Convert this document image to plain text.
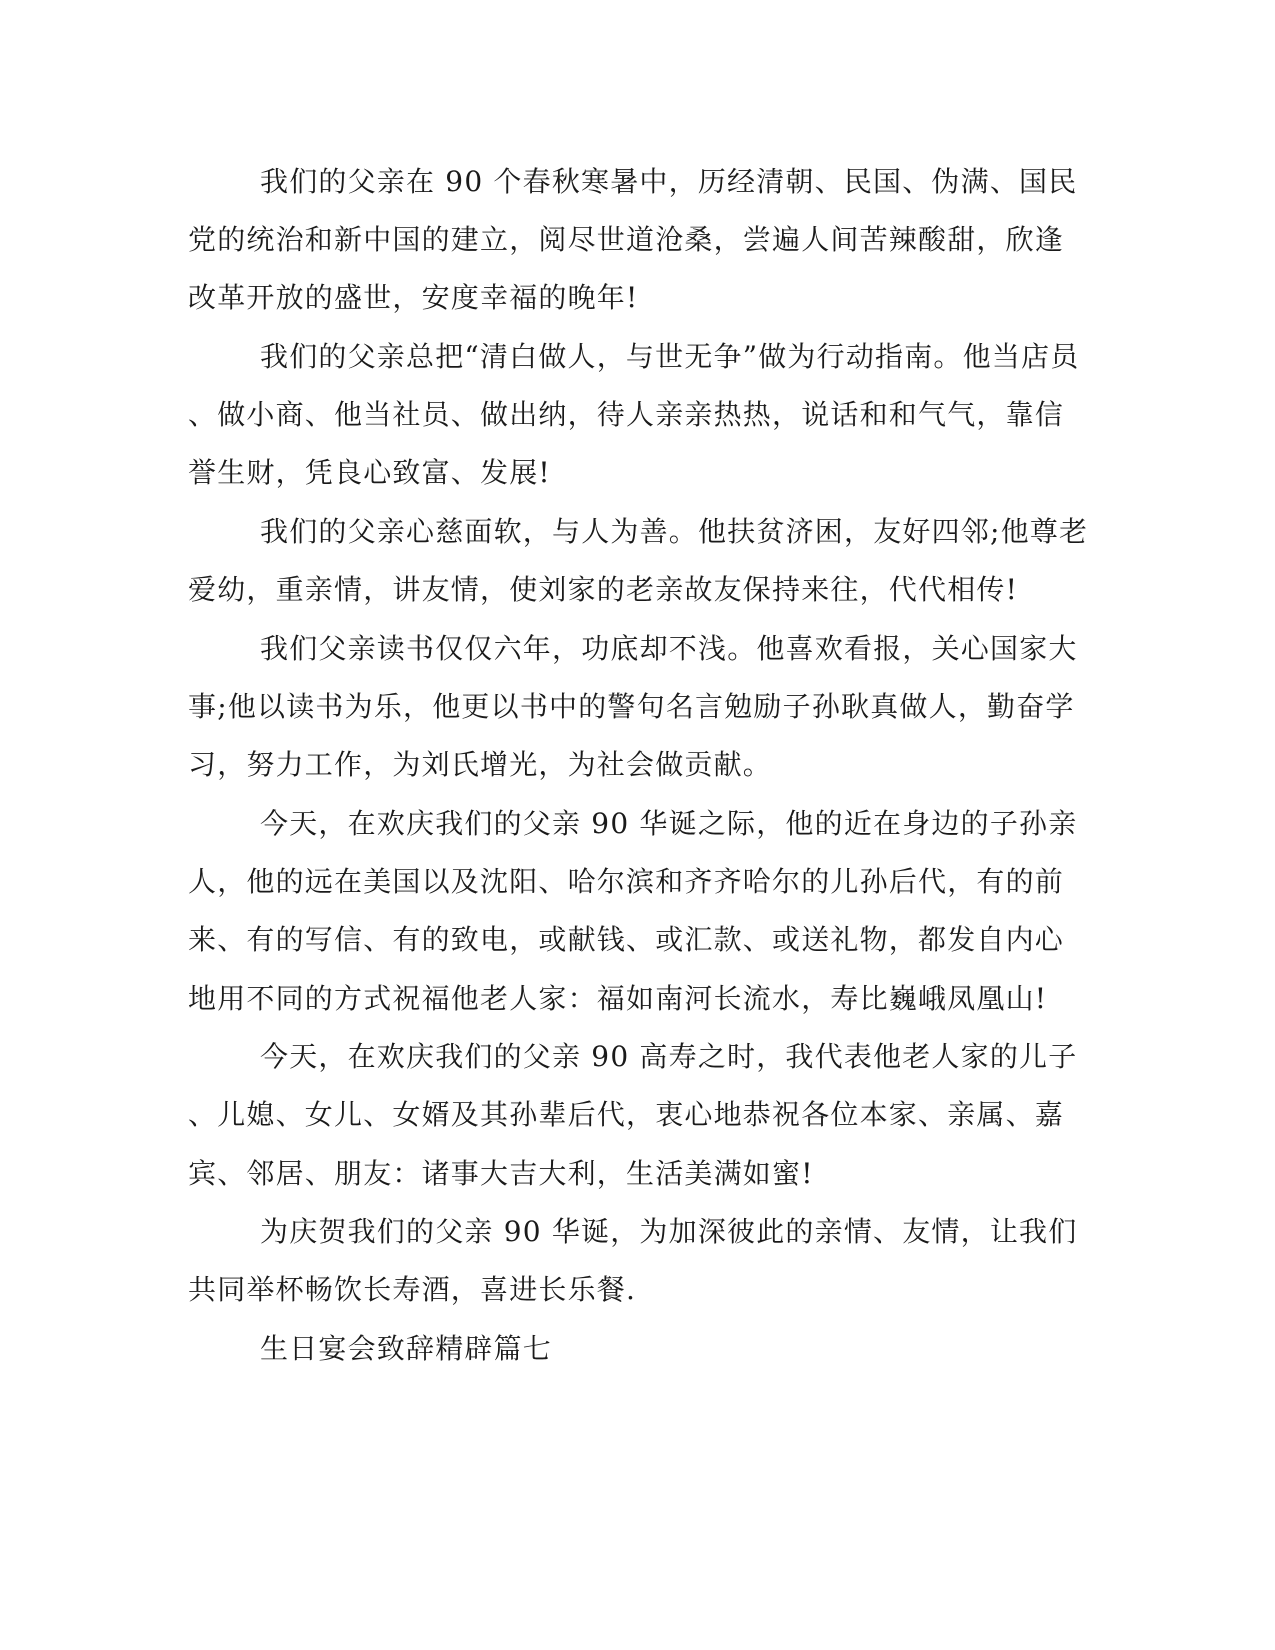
我们的父亲在 90 个春秋寒暑中，历经清朝、民国、伪满、国民
党的统治和新中国的建立，阅尽世道沧桑，尝遍人间苦辣酸甜，欣逢
改革开放的盛世，安度幸福的晚年!
我们的父亲总把“清白做人，与世无争”做为行动指南。他当店员
、做小商、他当社员、做出纳，待人亲亲热热，说话和和气气，靠信
誉生财，凭良心致富、发展!
我们的父亲心慈面软，与人为善。他扶贫济困，友好四邻;他尊老
爱幼，重亲情，讲友情，使刘家的老亲故友保持来往，代代相传!
我们父亲读书仅仅六年，功底却不浅。他喜欢看报，关心国家大
事;他以读书为乐，他更以书中的警句名言勉励子孙耿真做人，勤奋学
习，努力工作，为刘氏增光，为社会做贡献。
今天，在欢庆我们的父亲 90 华诞之际，他的近在身边的子孙亲
人，他的远在美国以及沈阳、哈尔滨和齐齐哈尔的儿孙后代，有的前
来、有的写信、有的致电，或献钱、或汇款、或送礼物，都发自内心
地用不同的方式祝福他老人家：福如南河长流水，寿比巍峨凤凰山!
今天，在欢庆我们的父亲 90 高寿之时，我代表他老人家的儿子
、儿媳、女儿、女婿及其孙辈后代，衷心地恭祝各位本家、亲属、嘉
宾、邻居、朋友：诸事大吉大利，生活美满如蜜!
为庆贺我们的父亲 90 华诞，为加深彼此的亲情、友情，让我们
共同举杯畅饮长寿酒，喜进长乐餐.
生日宴会致辞精辟篇七
